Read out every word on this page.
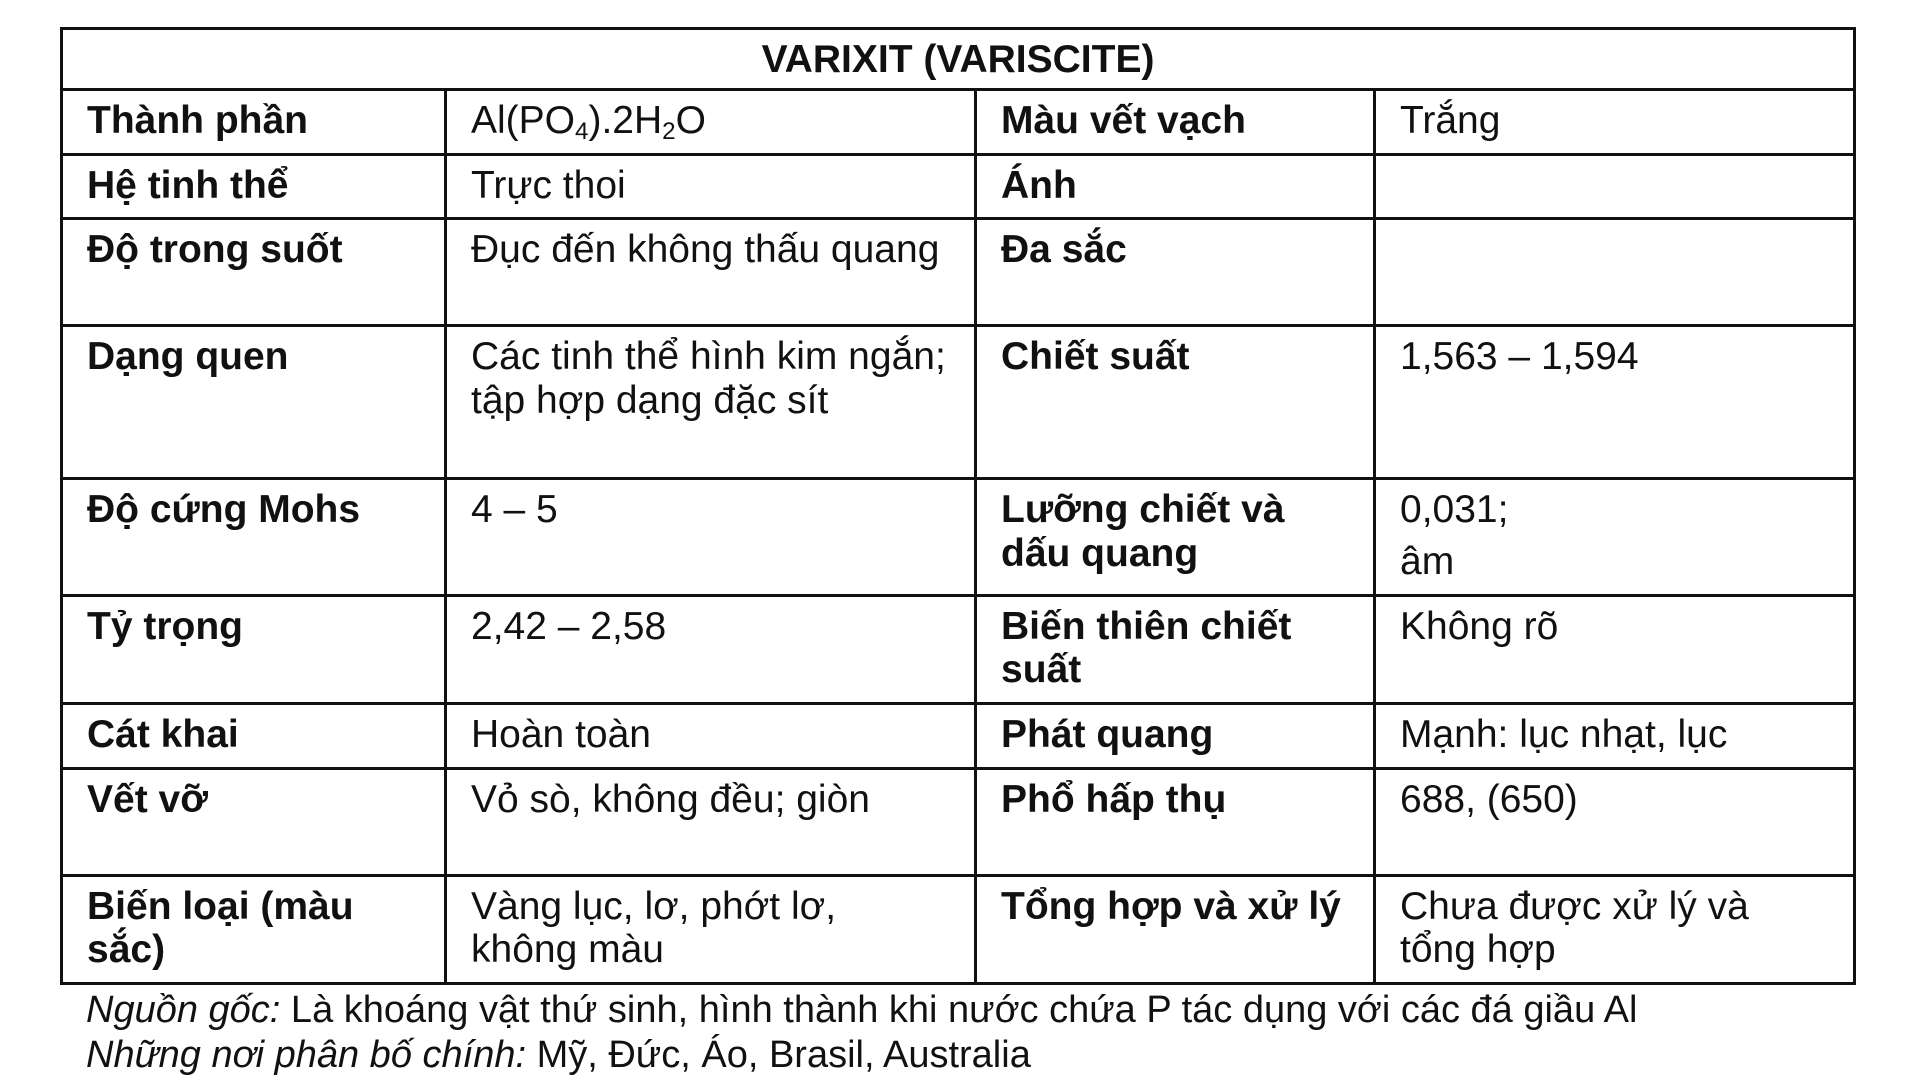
VARIXIT (VARISCITE)			
Thành phần	$Al(PO_4).2H_2O$	Màu vết vạch	Trắng
Hệ tinh thể	Trực thoi	Ánh	
Độ trong suốt	Đục đến không thấu quang	Đa sắc	
Dạng quen	Các tinh thể hình kim ngắn; tập hợp dạng đặc sít	Chiết suất	1,563 – 1,594
Độ cứng Mohs	4 – 5	Lưỡng chiết và dấu quang	0,031;
âm

Tỷ trọng	2,42 – 2,58	Biến thiên chiết suất	Không rõ
Cát khai	Hoàn toàn	Phát quang	Mạnh: lục nhạt, lục
Vết vỡ	Vỏ sò, không đều; giòn	Phổ hấp thụ	688, (650)
Biến loại (màu sắc)	Vàng lục, lơ, phớt lơ, không màu	Tổng hợp và xử lý	Chưa được xử lý và tổng hợp
Nguồn gốc: Là khoáng vật thứ sinh, hình thành khi nước chứa P tác dụng với các đá giầu Al
Những nơi phân bố chính: Mỹ, Đức, Áo, Brasil, Australia
